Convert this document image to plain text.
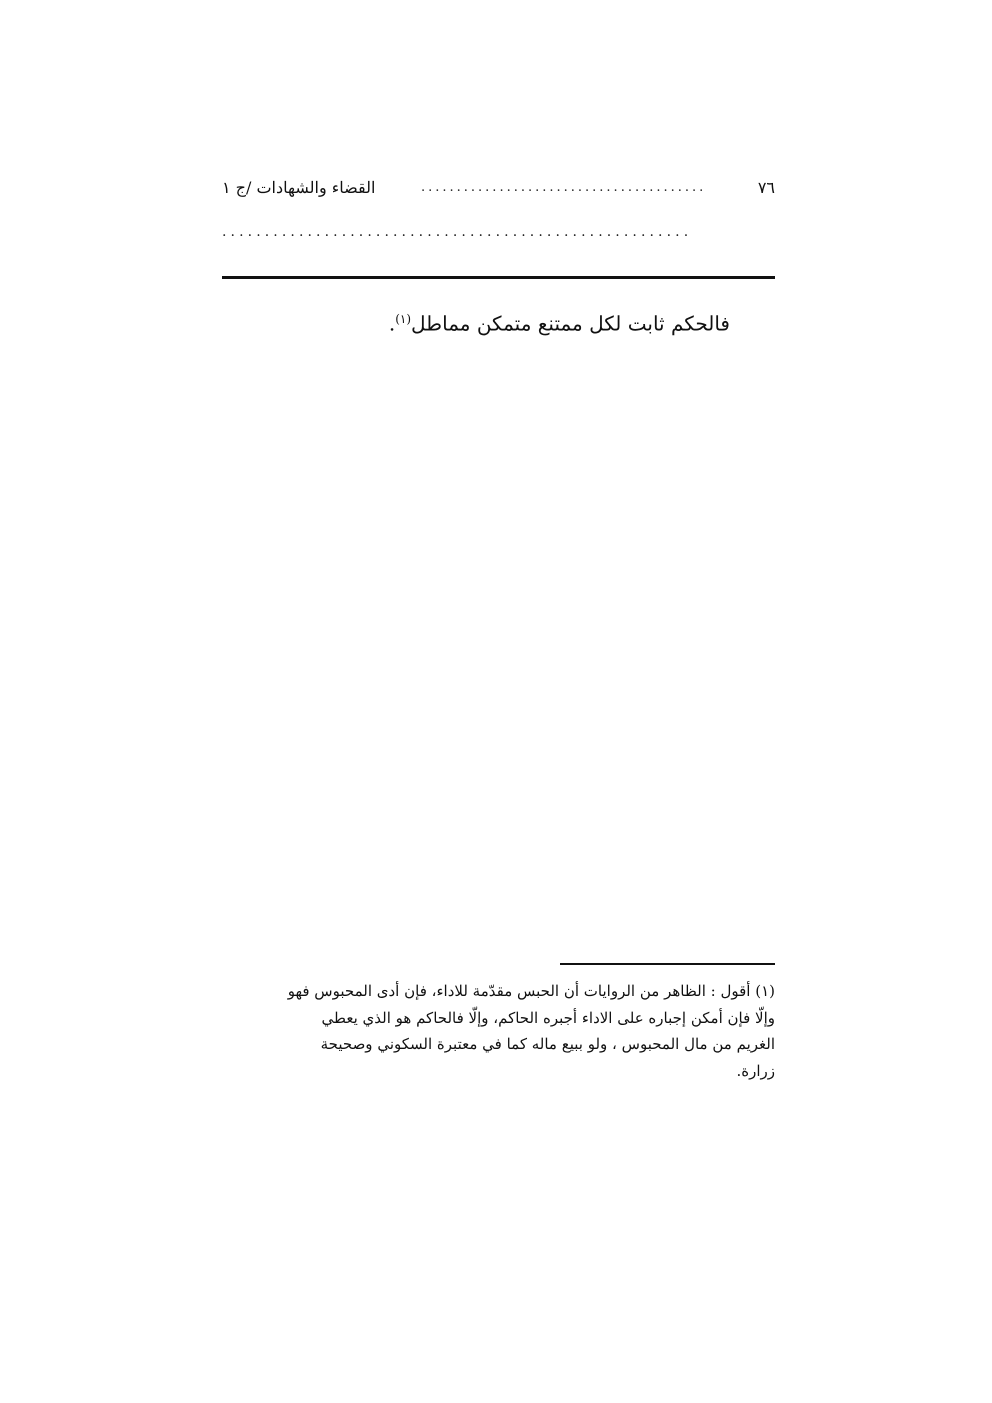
٧٦
........................................
القضاء والشهادات /ج ١
.......................................................
فالحكم ثابت لكل ممتنع متمكن مماطل$^{(١)}$.
(١) أقول : الظاهر من الروايات أن الحبس مقدّمة للاداء، فإن أدى المحبوس فهو
وإلّا فإن أمكن إجباره على الاداء أجبره الحاكم، وإلّا فالحاكم هو الذي يعطي
الغريم من مال المحبوس ، ولو ببيع ماله كما في معتبرة السكوني وصحيحة
زرارة.
